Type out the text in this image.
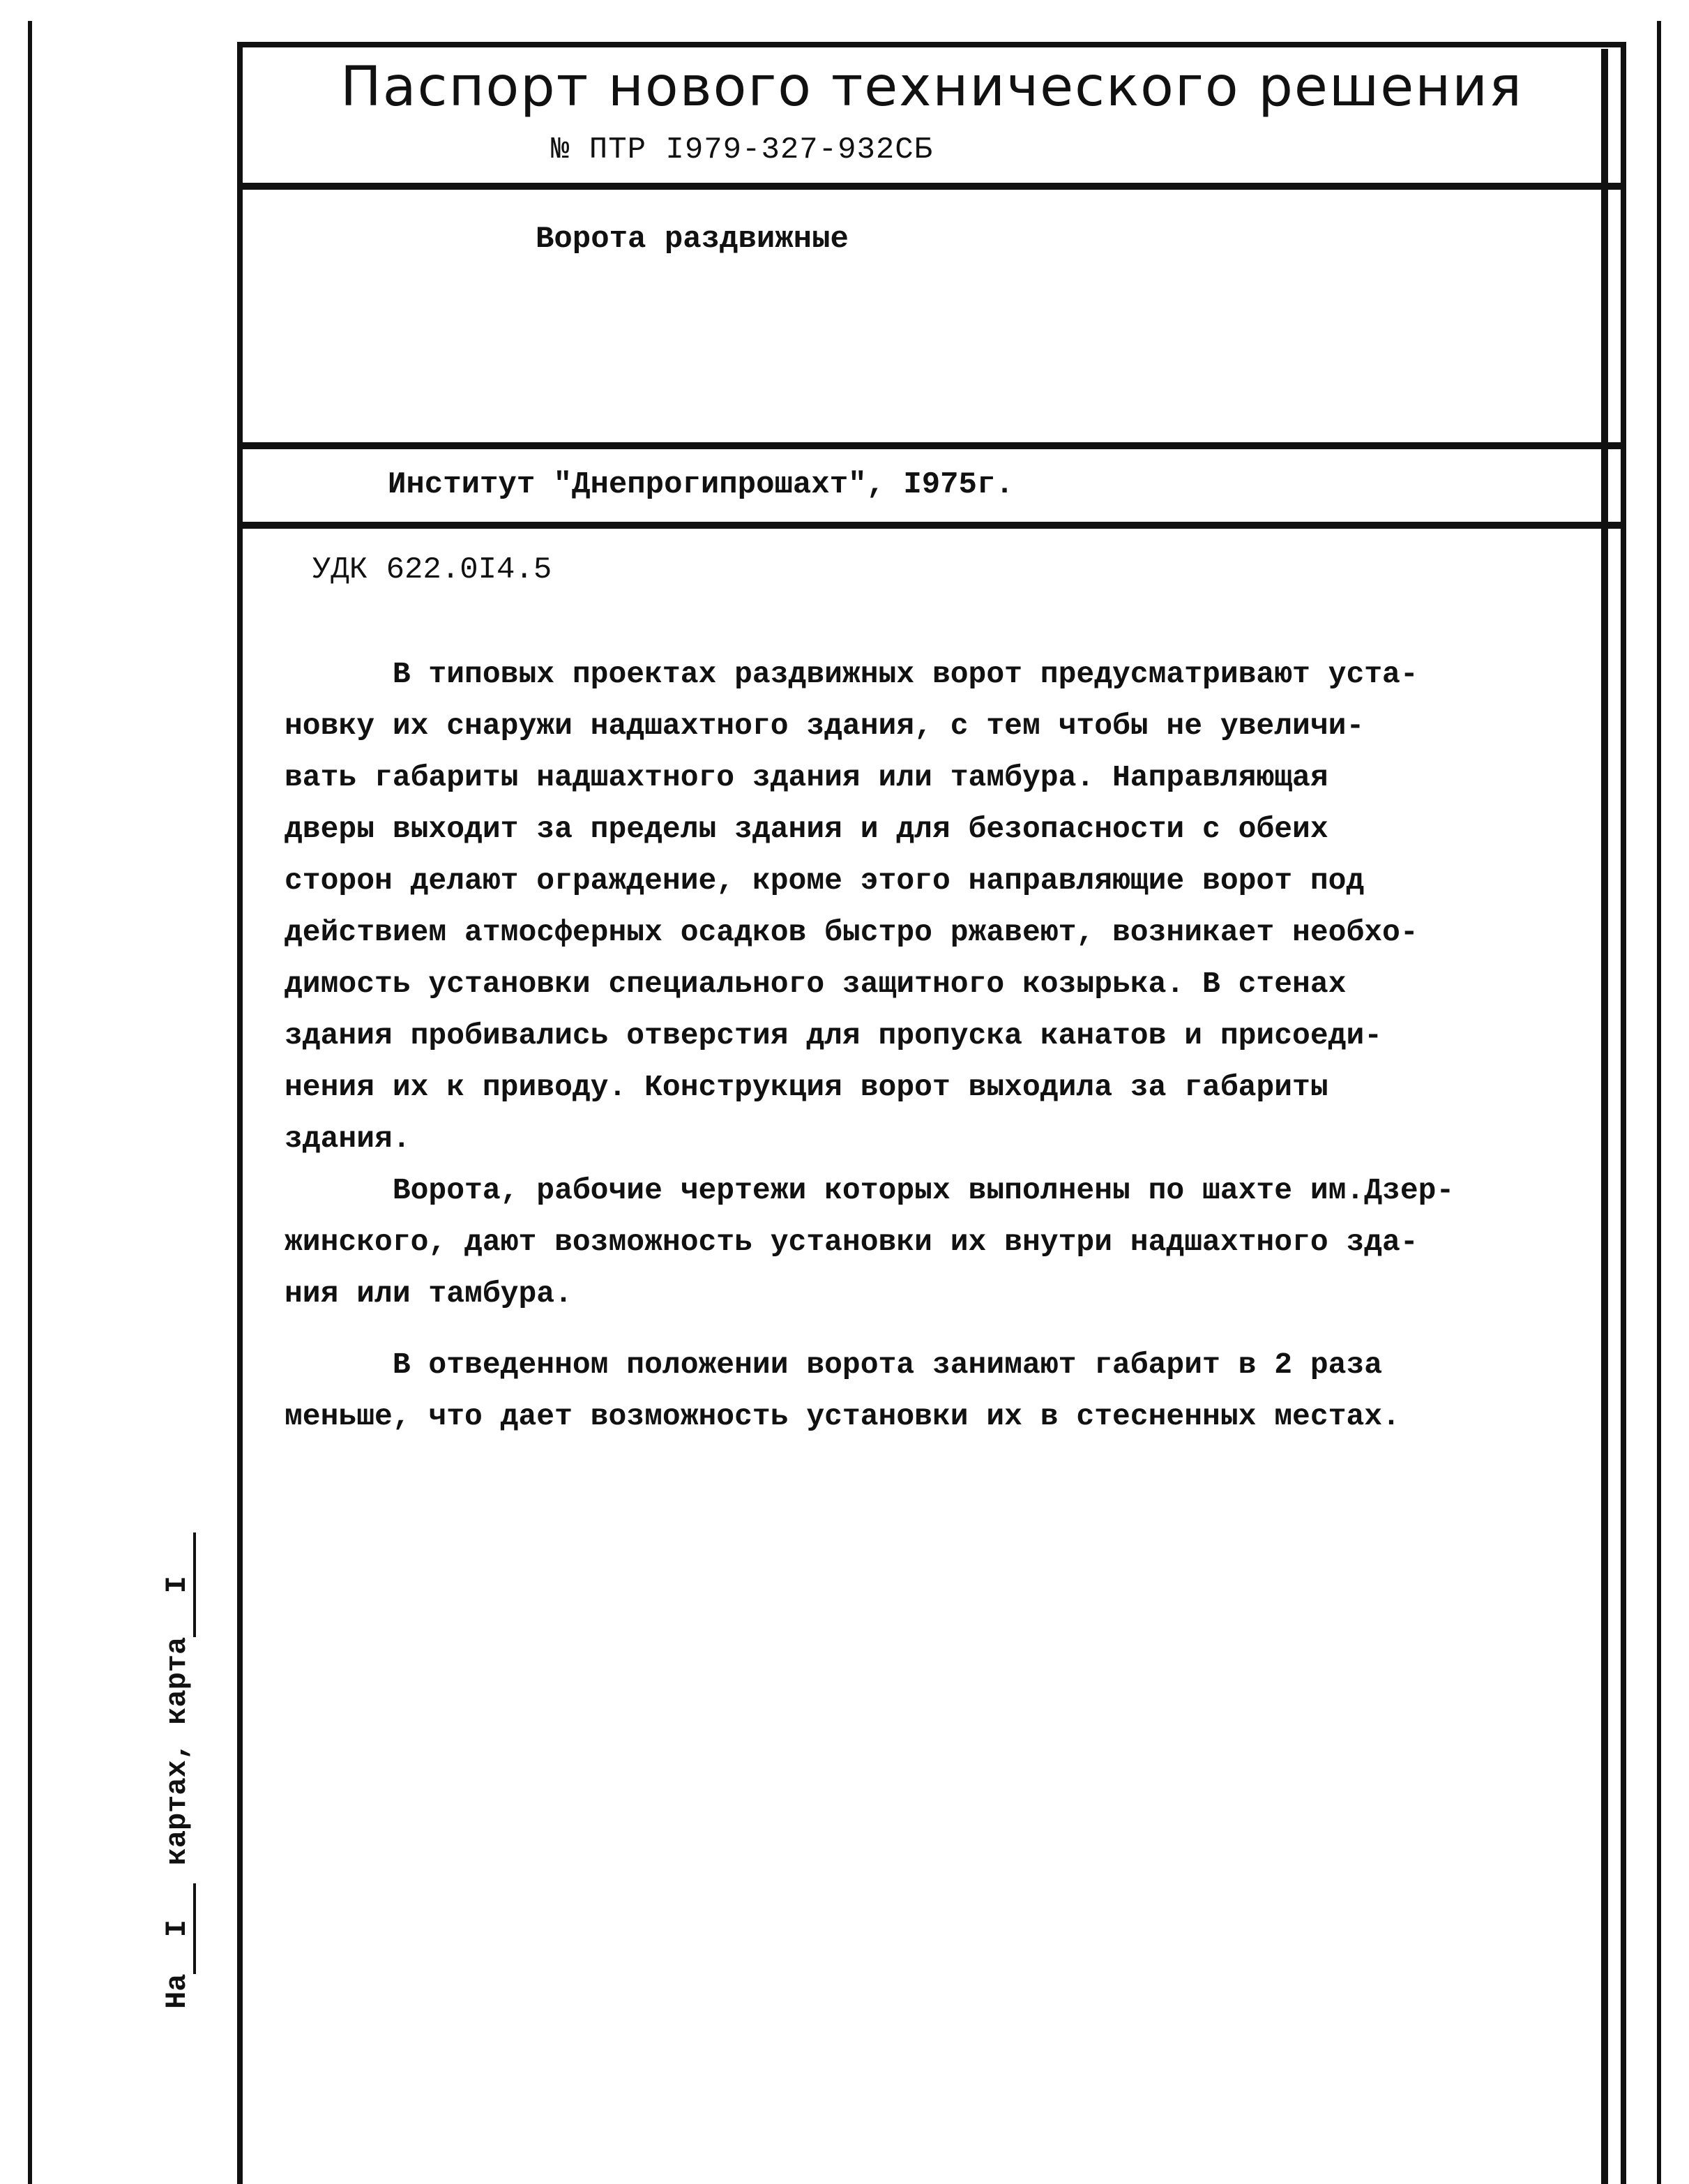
Паспорт нового технического решения
№ ПТР I979-327-932СБ
Ворота раздвижные
Институт "Днепрогипрошахт", I975г.
УДК 622.0I4.5
В типовых проектах раздвижных ворот предусматривают уста-
новку их снаружи надшахтного здания, с тем чтобы не увеличи-
вать габариты надшахтного здания или тамбура. Направляющая
дверы выходит за пределы здания и для безопасности с обеих
сторон делают ограждение, кроме этого направляющие ворот под
действием атмосферных осадков быстро ржавеют, возникает необхо-
димость установки специального защитного козырька. В стенах
здания пробивались отверстия для пропуска канатов и присоеди-
нения их к приводу. Конструкция ворот выходила за габариты
здания.
Ворота, рабочие чертежи которых выполнены по шахте им.Дзер-
жинского, дают возможность установки их внутри надшахтного зда-
ния или тамбура.
В отведенном положении ворота занимают габарит в 2 раза
меньше, что дает возможность установки их в стесненных местах.
НаI картах, картаI
